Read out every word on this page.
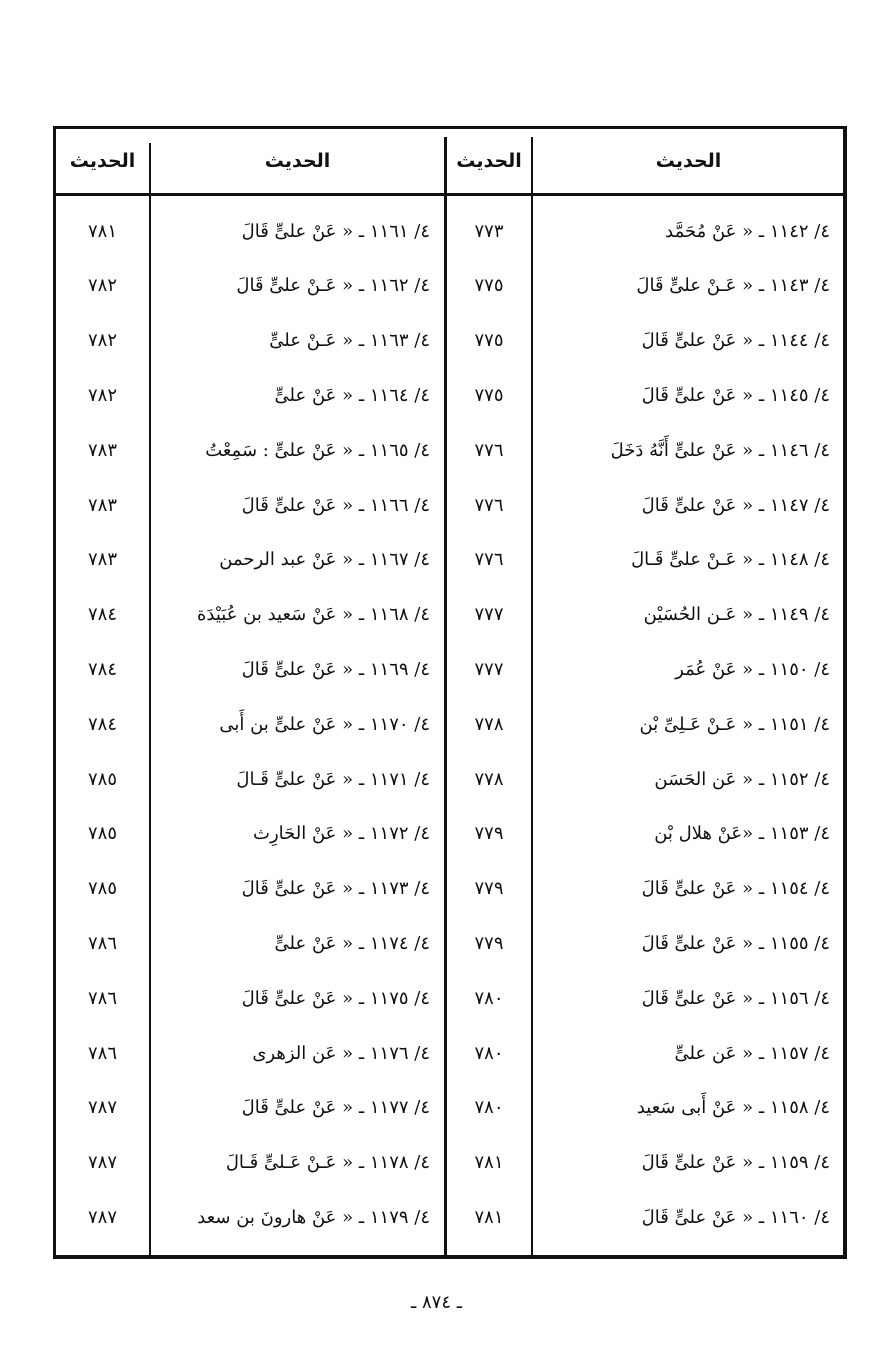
الحديث
الحديث
الحديث
الحديث
٤/ ١١٤٢ ـ « عَنْ مُحَمَّد
٧٧٣
٤/ ١١٤٣ ـ « عَـنْ علىٍّ قَالَ
٧٧٥
٤/ ١١٤٤ ـ « عَنْ علىٍّ قَالَ
٧٧٥
٤/ ١١٤٥ ـ « عَنْ علىٍّ قَالَ
٧٧٥
٤/ ١١٤٦ ـ « عَنْ علىٍّ أَنَّهُ دَخَلَ
٧٧٦
٤/ ١١٤٧ ـ « عَنْ علىٍّ قَالَ
٧٧٦
٤/ ١١٤٨ ـ « عَـنْ علىٍّ قَـالَ
٧٧٦
٤/ ١١٤٩ ـ « عَـن الحُسَيْن
٧٧٧
٤/ ١١٥٠ ـ « عَنْ عُمَر
٧٧٧
٤/ ١١٥١ ـ « عَـنْ عَـلِىِّ بْن
٧٧٨
٤/ ١١٥٢ ـ « عَن الحَسَن
٧٧٨
٤/ ١١٥٣ ـ «عَنْ هلال بْن
٧٧٩
٤/ ١١٥٤ ـ « عَنْ علىٍّ قَالَ
٧٧٩
٤/ ١١٥٥ ـ « عَنْ علىٍّ قَالَ
٧٧٩
٤/ ١١٥٦ ـ « عَنْ علىٍّ قَالَ
٧٨٠
٤/ ١١٥٧ ـ « عَن علىٍّ
٧٨٠
٤/ ١١٥٨ ـ « عَنْ أَبى سَعيد
٧٨٠
٤/ ١١٥٩ ـ « عَنْ علىٍّ قَالَ
٧٨١
٤/ ١١٦٠ ـ « عَنْ علىٍّ قَالَ
٧٨١
٤/ ١١٦١ ـ « عَنْ علىٍّ قَالَ
٧٨١
٤/ ١١٦٢ ـ « عَـنْ علىٍّ قَالَ
٧٨٢
٤/ ١١٦٣ ـ « عَـنْ علىٍّ
٧٨٢
٤/ ١١٦٤ ـ « عَنْ علىٍّ
٧٨٢
٤/ ١١٦٥ ـ « عَنْ علىٍّ : سَمِعْتُ
٧٨٣
٤/ ١١٦٦ ـ « عَنْ علىٍّ قَالَ
٧٨٣
٤/ ١١٦٧ ـ « عَنْ عبد الرحمن
٧٨٣
٤/ ١١٦٨ ـ « عَنْ سَعيد بن عُبَيْدَة
٧٨٤
٤/ ١١٦٩ ـ « عَنْ علىٍّ قَالَ
٧٨٤
٤/ ١١٧٠ ـ « عَنْ علىٍّ بن أَبى
٧٨٤
٤/ ١١٧١ ـ « عَنْ علىٍّ قَـالَ
٧٨٥
٤/ ١١٧٢ ـ « عَنْ الحَارِث
٧٨٥
٤/ ١١٧٣ ـ « عَنْ علىٍّ قَالَ
٧٨٥
٤/ ١١٧٤ ـ « عَنْ علىٍّ
٧٨٦
٤/ ١١٧٥ ـ « عَنْ علىٍّ قَالَ
٧٨٦
٤/ ١١٧٦ ـ « عَن الزهرى
٧٨٦
٤/ ١١٧٧ ـ « عَنْ علىٍّ قَالَ
٧٨٧
٤/ ١١٧٨ ـ « عَـنْ عَـلىٍّ قَـالَ
٧٨٧
٤/ ١١٧٩ ـ « عَنْ هارونَ بن سعد
٧٨٧
ـ ٨٧٤ ـ
